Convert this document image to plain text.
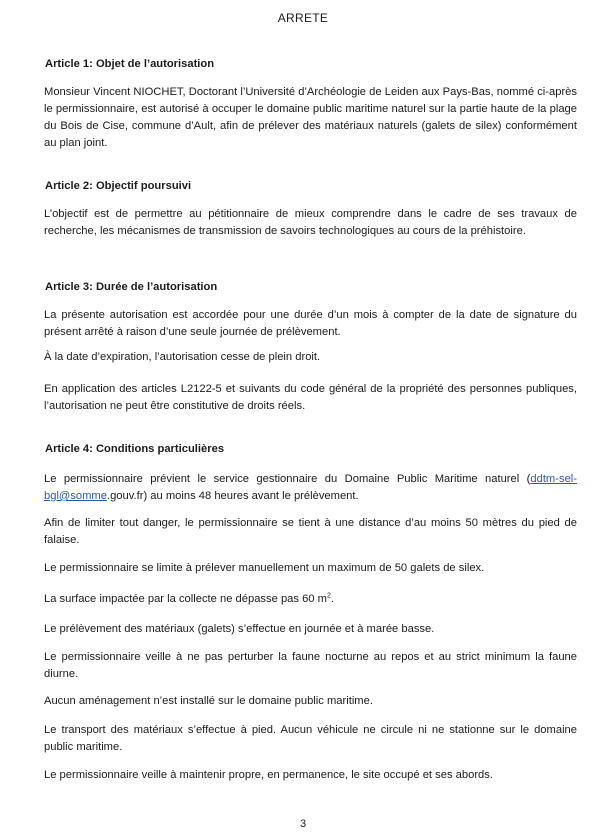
ARRETE
Article 1: Objet de l’autorisation
Monsieur Vincent NIOCHET, Doctorant l’Université d’Archéologie de Leiden aux Pays-Bas, nommé ci-après le permissionnaire, est autorisé à occuper le domaine public maritime naturel sur la partie haute de la plage du Bois de Cise, commune d’Ault, afin de prélever des matériaux naturels (galets de silex) conformément au plan joint.
Article 2: Objectif poursuivi
L’objectif est de permettre au pétitionnaire de mieux comprendre dans le cadre de ses travaux de recherche, les mécanismes de transmission de savoirs technologiques au cours de la préhistoire.
Article 3: Durée de l’autorisation
La présente autorisation est accordée pour une durée d’un mois à compter de la date de signature du présent arrêté à raison d’une seule journée de prélèvement.
À la date d’expiration, l’autorisation cesse de plein droit.
En application des articles L2122-5 et suivants du code général de la propriété des personnes publiques, l’autorisation ne peut être constitutive de droits réels.
Article 4: Conditions particulières
Le permissionnaire prévient le service gestionnaire du Domaine Public Maritime naturel (ddtm-sel-bgl@somme.gouv.fr) au moins 48 heures avant le prélèvement.
Afin de limiter tout danger, le permissionnaire se tient à une distance d’au moins 50 mètres du pied de falaise.
Le permissionnaire se limite à prélever manuellement un maximum de 50 galets de silex.
La surface impactée par la collecte ne dépasse pas 60 $m^2$.
Le prélèvement des matériaux (galets) s’effectue en journée et à marée basse.
Le permissionnaire veille à ne pas perturber la faune nocturne au repos et au strict minimum la faune diurne.
Aucun aménagement n’est installé sur le domaine public maritime.
Le transport des matériaux s’effectue à pied. Aucun véhicule ne circule ni ne stationne sur le domaine public maritime.
Le permissionnaire veille à maintenir propre, en permanence, le site occupé et ses abords.
3
